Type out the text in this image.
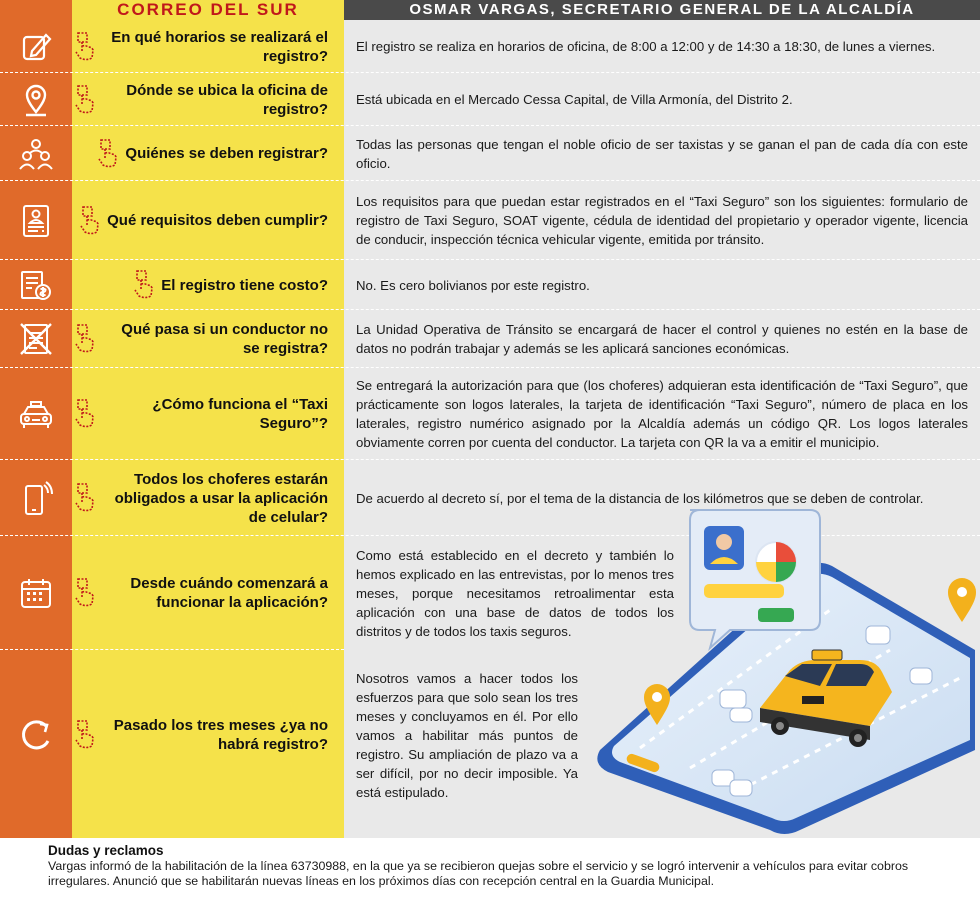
CORREO DEL SUR	OSMAR VARGAS, SECRETARIO GENERAL DE LA ALCALDÍA
En qué horarios se realizará el registro?
El registro se realiza en horarios de oficina, de 8:00 a 12:00 y de 14:30 a 18:30, de lunes a viernes.
Dónde se ubica la oficina de registro?
Está ubicada en el Mercado Cessa Capital, de Villa Armonía, del Distrito 2.
Quiénes se deben registrar?
Todas las personas que tengan el noble oficio de ser taxistas y se ganan el pan de cada día con este oficio.
Qué requisitos deben cumplir?
Los requisitos para que puedan estar registrados en el “Taxi Seguro” son los siguientes: formulario de registro de Taxi Seguro, SOAT vigente, cédula de identidad del propietario y operador vigente, licencia de conducir, inspección técnica vehicular vigente, emitida por tránsito.
El registro tiene costo? No. Es cero bolivianos por este registro.
Qué pasa si un conductor no se registra?
La Unidad Operativa de Tránsito se encargará de hacer el control y quienes no estén en la base de datos no podrán trabajar y además se les aplicará sanciones económicas.
¿Cómo funciona el “Taxi Seguro”?
Se entregará la autorización para que (los choferes) adquieran esta identificación de “Taxi Seguro”, que prácticamente son logos laterales, la tarjeta de identificación “Taxi Seguro”, número de placa en los laterales, registro numérico asignado por la Alcaldía además un código QR. Los logos laterales obviamente corren por cuenta del conductor. La tarjeta con QR la va a emitir el municipio.
Todos los choferes estarán obligados a usar la aplicación de celular?
De acuerdo al decreto sí, por el tema de la distancia de los kilómetros que se deben de controlar.
Desde cuándo comenzará a funcionar la aplicación?
Como está establecido en el decreto y también lo hemos explicado en las entrevistas, por lo menos tres meses, porque necesitamos retroalimentar esta aplicación con una base de datos de todos los distritos y de todos los taxis seguros.
Pasado los tres meses ¿ya no habrá registro?
Nosotros vamos a hacer todos los esfuerzos para que solo sean los tres meses y concluyamos en él. Por ello vamos a habilitar más puntos de registro. Su ampliación de plazo va a ser difícil, por no decir imposible. Ya está estipulado.
Dudas y reclamos
Vargas informó de la habilitación de la línea 63730988, en la que ya se recibieron quejas sobre el servicio y se logró intervenir a vehículos para evitar cobros irregulares. Anunció que se habilitarán nuevas líneas en los próximos días con recepción central en la Guardia Municipal.
